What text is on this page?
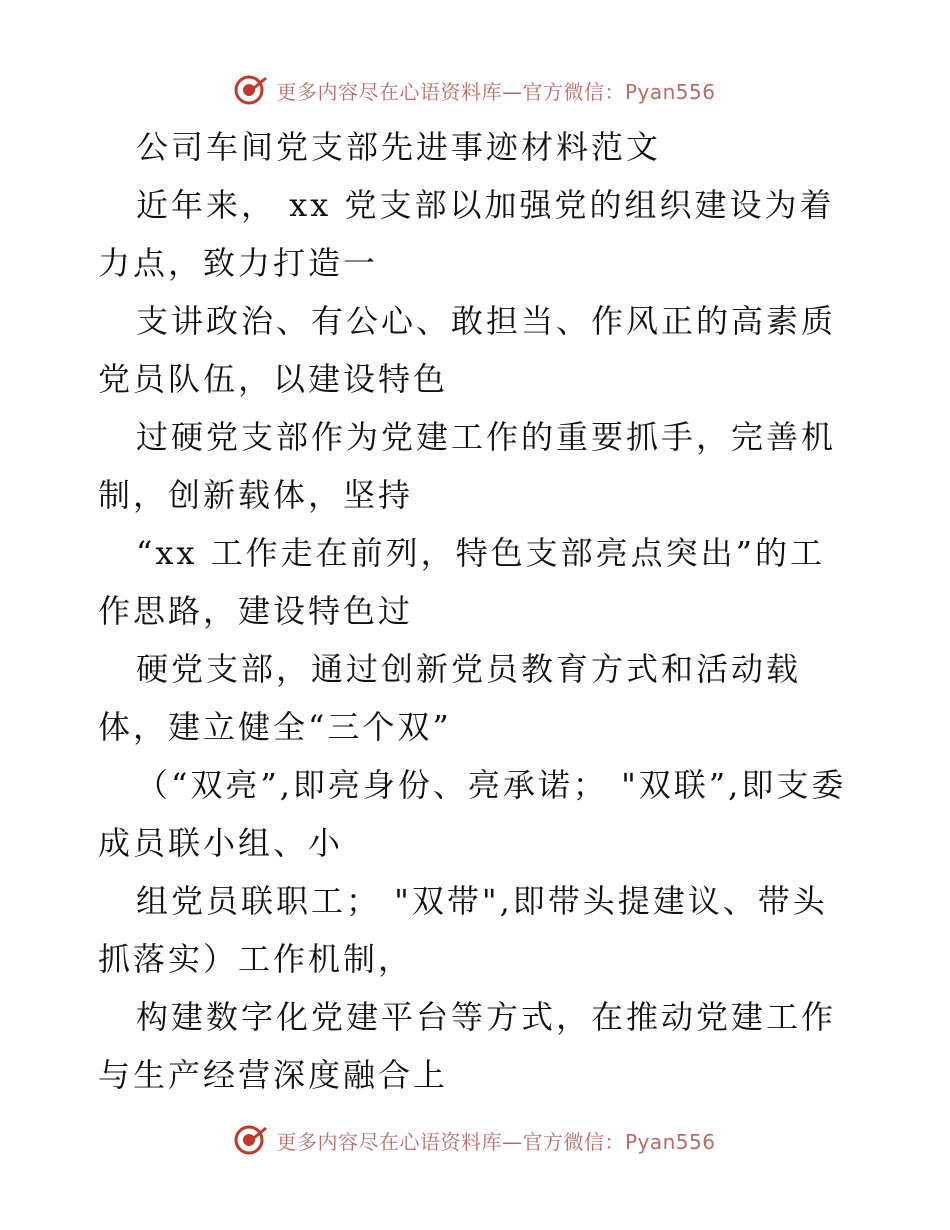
更多内容尽在心语资料库—官方微信：Pyan556

公司车间党支部先进事迹材料范文

近年来， xx 党支部以加强党的组织建设为着力点，致力打造一

支讲政治、有公心、敢担当、作风正的高素质党员队伍，以建设特色

过硬党支部作为党建工作的重要抓手，完善机制，创新载体，坚持

“xx 工作走在前列，特色支部亮点突出”的工作思路，建设特色过

硬党支部，通过创新党员教育方式和活动载体，建立健全“三个双”

（“双亮”,即亮身份、亮承诺； "双联”,即支委成员联小组、小

组党员联职工； "双带",即带头提建议、带头抓落实）工作机制，

构建数字化党建平台等方式，在推动党建工作与生产经营深度融合上

更多内容尽在心语资料库—官方微信：Pyan556
